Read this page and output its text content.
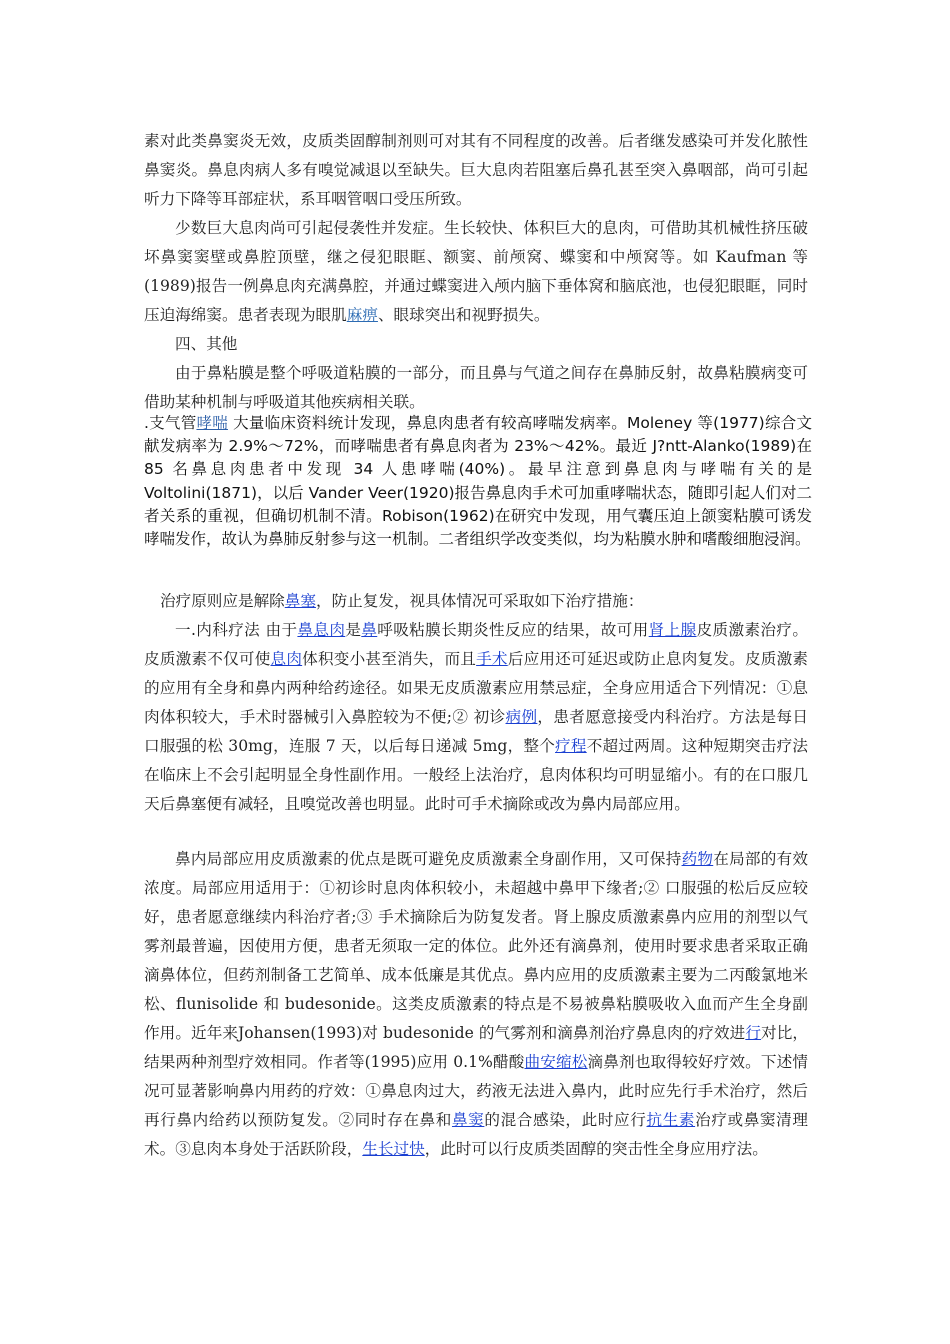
素对此类鼻窦炎无效，皮质类固醇制剂则可对其有不同程度的改善。后者继发感染可并发化脓性鼻窦炎。鼻息肉病人多有嗅觉减退以至缺失。巨大息肉若阻塞后鼻孔甚至突入鼻咽部，尚可引起听力下降等耳部症状，系耳咽管咽口受压所致。

少数巨大息肉尚可引起侵袭性并发症。生长较快、体积巨大的息肉，可借助其机械性挤压破坏鼻窦窦壁或鼻腔顶壁，继之侵犯眼眶、额窦、前颅窝、蝶窦和中颅窝等。如 Kaufman 等(1989)报告一例鼻息肉充满鼻腔，并通过蝶窦进入颅内脑下垂体窝和脑底池，也侵犯眼眶，同时压迫海绵窦。患者表现为眼肌麻痹、眼球突出和视野损失。

四、其他

由于鼻粘膜是整个呼吸道粘膜的一部分，而且鼻与气道之间存在鼻肺反射，故鼻粘膜病变可借助某种机制与呼吸道其他疾病相关联。

.支气管哮喘 大量临床资料统计发现，鼻息肉患者有较高哮喘发病率。Moleney 等(1977)综合文献发病率为 2.9%～72%，而哮喘患者有鼻息肉者为 23%～42%。最近 J?ntt-Alanko(1989)在 85 名鼻息肉患者中发现 34 人患哮喘(40%)。最早注意到鼻息肉与哮喘有关的是 Voltolini(1871)，以后 Vander Veer(1920)报告鼻息肉手术可加重哮喘状态，随即引起人们对二者关系的重视，但确切机制不清。Robison(1962)在研究中发现，用气囊压迫上颌窦粘膜可诱发哮喘发作，故认为鼻肺反射参与这一机制。二者组织学改变类似，均为粘膜水肿和嗜酸细胞浸润。

治疗原则应是解除鼻塞，防止复发，视具体情况可采取如下治疗措施：

一.内科疗法 由于鼻息肉是鼻呼吸粘膜长期炎性反应的结果，故可用肾上腺皮质激素治疗。皮质激素不仅可使息肉体积变小甚至消失，而且手术后应用还可延迟或防止息肉复发。皮质激素的应用有全身和鼻内两种给药途径。如果无皮质激素应用禁忌症，全身应用适合下列情况：①息肉体积较大，手术时器械引入鼻腔较为不便;② 初诊病例，患者愿意接受内科治疗。方法是每日口服强的松 30mg，连服 7 天，以后每日递减 5mg，整个疗程不超过两周。这种短期突击疗法在临床上不会引起明显全身性副作用。一般经上法治疗，息肉体积均可明显缩小。有的在口服几天后鼻塞便有减轻，且嗅觉改善也明显。此时可手术摘除或改为鼻内局部应用。

鼻内局部应用皮质激素的优点是既可避免皮质激素全身副作用，又可保持药物在局部的有效浓度。局部应用适用于：①初诊时息肉体积较小，未超越中鼻甲下缘者;② 口服强的松后反应较好，患者愿意继续内科治疗者;③ 手术摘除后为防复发者。肾上腺皮质激素鼻内应用的剂型以气雾剂最普遍，因使用方便，患者无须取一定的体位。此外还有滴鼻剂，使用时要求患者采取正确滴鼻体位，但药剂制备工艺简单、成本低廉是其优点。鼻内应用的皮质激素主要为二丙酸氯地米松、flunisolide 和 budesonide。这类皮质激素的特点是不易被鼻粘膜吸收入血而产生全身副作用。近年来Johansen(1993)对 budesonide 的气雾剂和滴鼻剂治疗鼻息肉的疗效进行对比，结果两种剂型疗效相同。作者等(1995)应用 0.1%醋酸曲安缩松滴鼻剂也取得较好疗效。下述情况可显著影响鼻内用药的疗效：①鼻息肉过大，药液无法进入鼻内，此时应先行手术治疗，然后再行鼻内给药以预防复发。②同时存在鼻和鼻窦的混合感染，此时应行抗生素治疗或鼻窦清理术。③息肉本身处于活跃阶段，生长过快，此时可以行皮质类固醇的突击性全身应用疗法。
